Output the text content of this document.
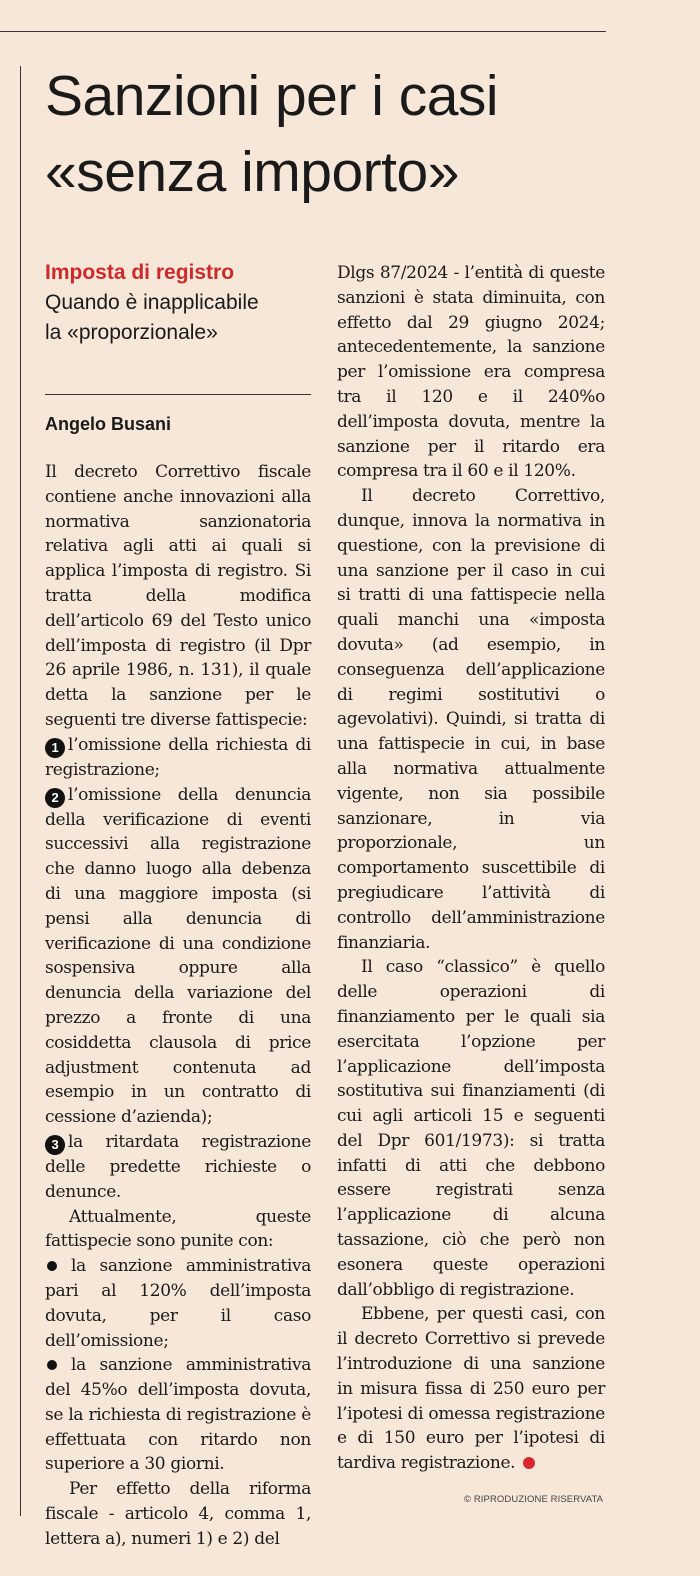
Sanzioni per i casi
«senza importo»
Imposta di registro
Quando è inapplicabile
la «proporzionale»
Angelo Busani

Il decreto Correttivo fiscale contiene anche innovazioni alla normativa sanzionatoria relativa agli atti ai quali si applica l’imposta di registro. Si tratta della modifica dell’articolo 69 del Testo unico dell’imposta di registro (il Dpr 26 aprile 1986, n. 131), il quale detta la sanzione per le seguenti tre diverse fattispecie:

1 l’omissione della richiesta di registrazione;

2 l’omissione della denuncia della verificazione di eventi successivi alla registrazione che danno luogo alla debenza di una maggiore imposta (si pensi alla denuncia di verificazione di una condizione sospensiva oppure alla denuncia della variazione del prezzo a fronte di una cosiddetta clausola di price adjustment contenuta ad esempio in un contratto di cessione d’azienda);

3 la ritardata registrazione delle predette richieste o denunce.

Attualmente, queste fattispecie sono punite con:

la sanzione amministrativa pari al 120% dell’imposta dovuta, per il caso dell’omissione;

la sanzione amministrativa del 45%o dell’imposta dovuta, se la richiesta di registrazione è effettuata con ritardo non superiore a 30 giorni.

Per effetto della riforma fiscale - articolo 4, comma 1, lettera a), numeri 1) e 2) del

Dlgs 87/2024 - l’entità di queste sanzioni è stata diminuita, con effetto dal 29 giugno 2024; antecedentemente, la sanzione per l’omissione era compresa tra il 120 e il 240%o dell’imposta dovuta, mentre la sanzione per il ritardo era compresa tra il 60 e il 120%.

Il decreto Correttivo, dunque, innova la normativa in questione, con la previsione di una sanzione per il caso in cui si tratti di una fattispecie nella quali manchi una «imposta dovuta» (ad esempio, in conseguenza dell’applicazione di regimi sostitutivi o agevolativi). Quindi, si tratta di una fattispecie in cui, in base alla normativa attualmente vigente, non sia possibile sanzionare, in via proporzionale, un comportamento suscettibile di pregiudicare l’attività di controllo dell’amministrazione finanziaria.

Il caso “classico” è quello delle operazioni di finanziamento per le quali sia esercitata l’opzione per l’applicazione dell’imposta sostitutiva sui finanziamenti (di cui agli articoli 15 e seguenti del Dpr 601/1973): si tratta infatti di atti che debbono essere registrati senza l’applicazione di alcuna tassazione, ciò che però non esonera queste operazioni dall’obbligo di registrazione.

Ebbene, per questi casi, con il decreto Correttivo si prevede l’introduzione di una sanzione in misura fissa di 250 euro per l’ipotesi di omessa registrazione e di 150 euro per l’ipotesi di tardiva registrazione.

© RIPRODUZIONE RISERVATA
